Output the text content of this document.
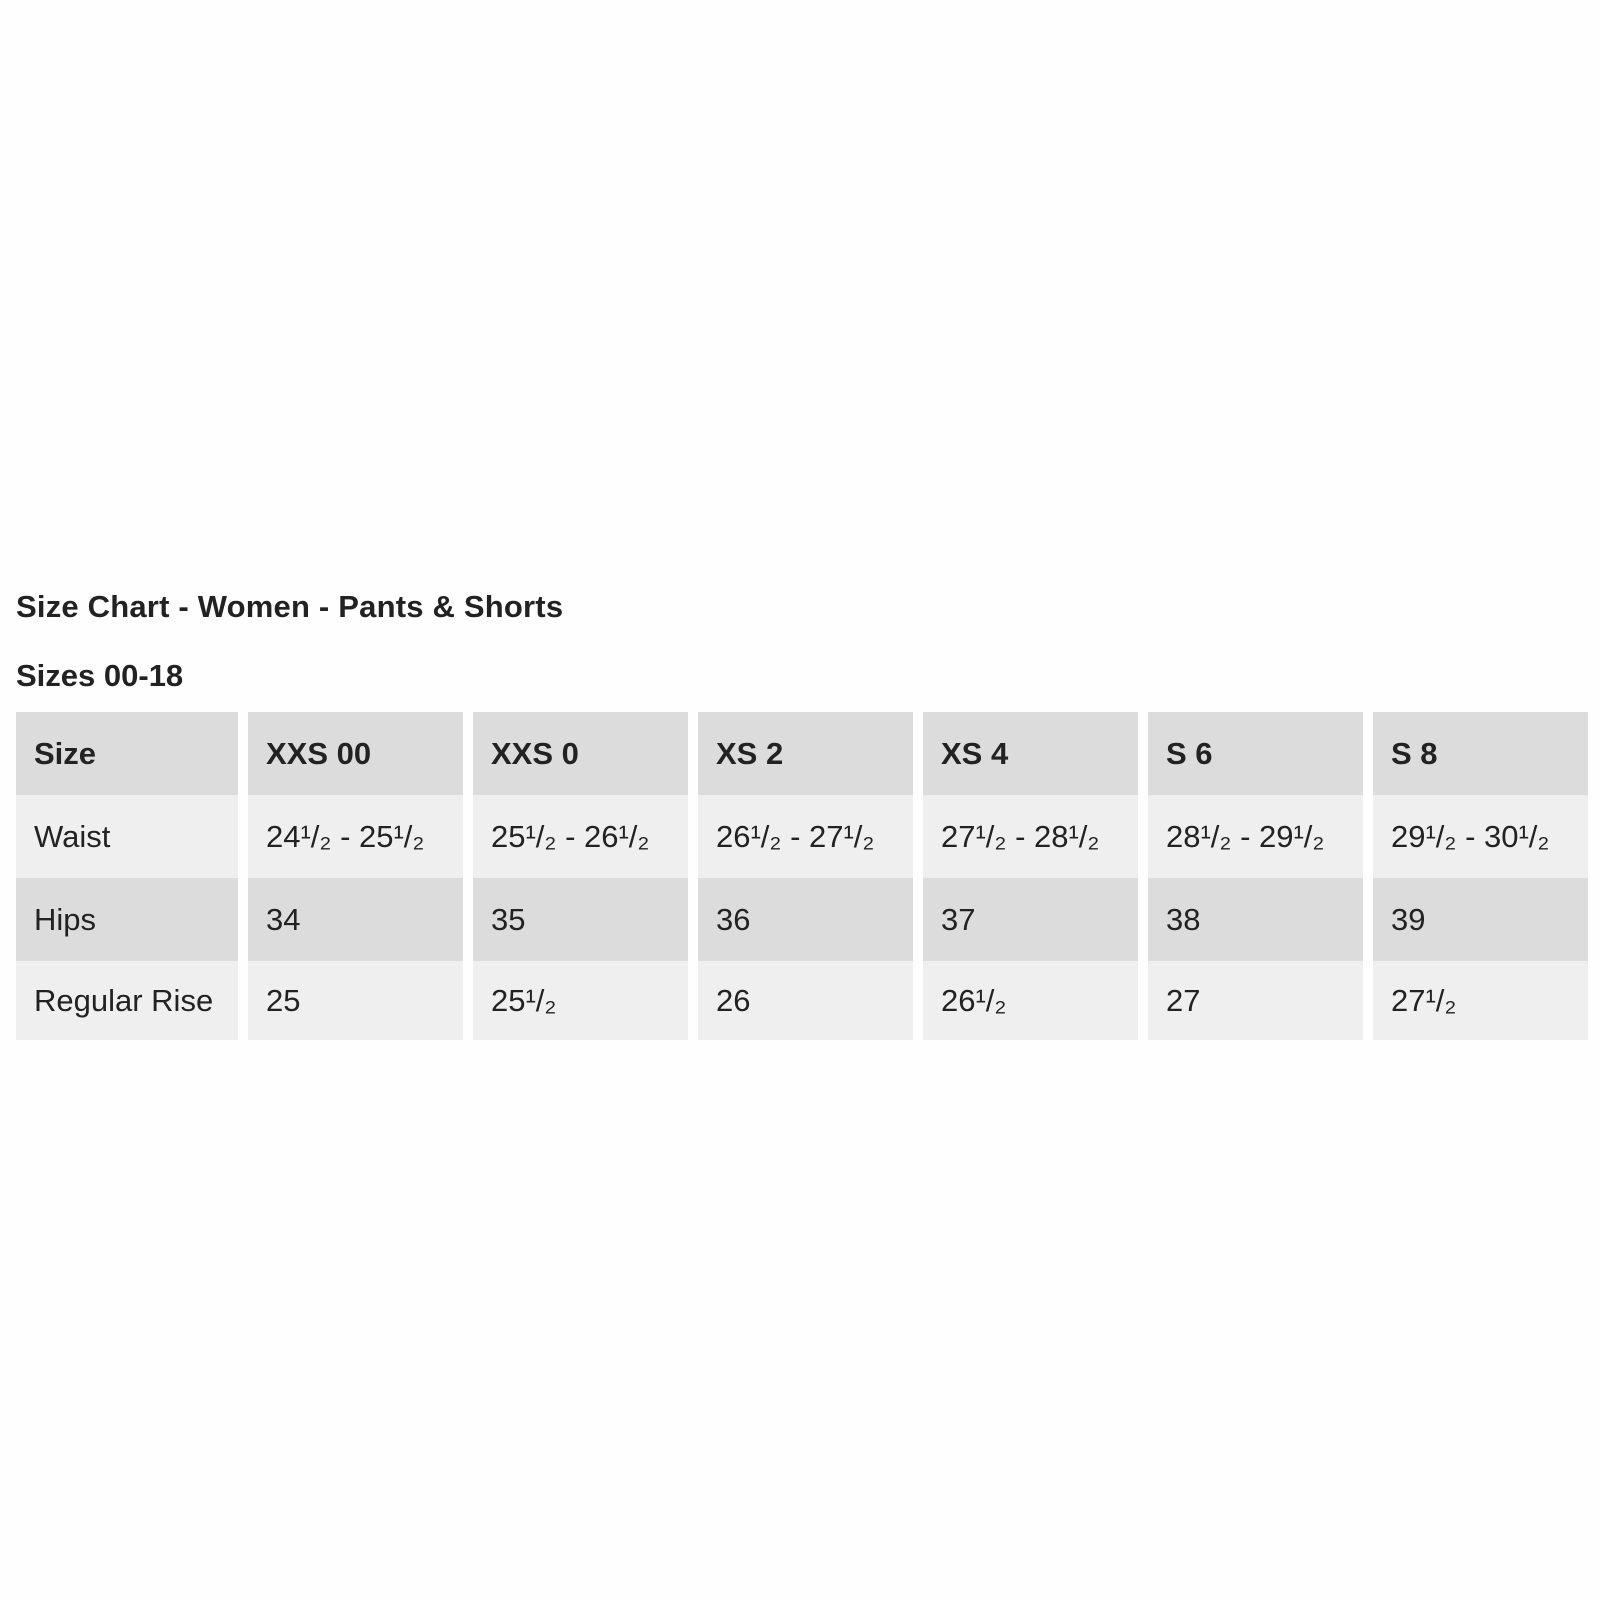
Size Chart - Women - Pants & Shorts
Sizes 00-18
Size	XXS 00	XXS 0	XS 2	XS 4	S 6	S 8
Waist	24¹/₂ - 25¹/₂	25¹/₂ - 26¹/₂	26¹/₂ - 27¹/₂	27¹/₂ - 28¹/₂	28¹/₂ - 29¹/₂	29¹/₂ - 30¹/₂
Hips	34	35	36	37	38	39
Regular Rise	25	25¹/₂	26	26¹/₂	27	27¹/₂
